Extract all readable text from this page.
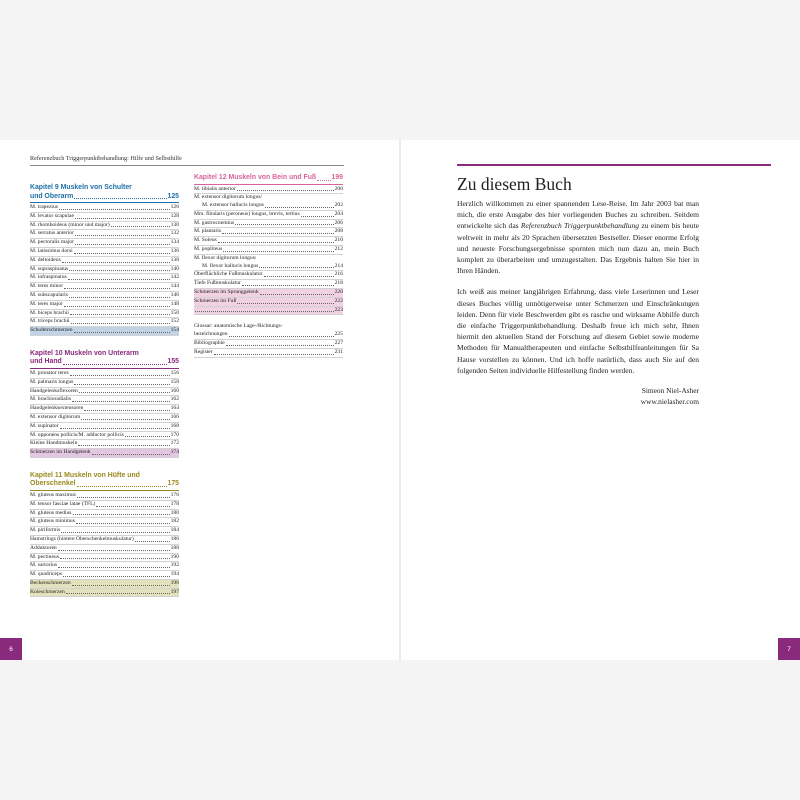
Referenzbuch Triggerpunktbehandlung: Hilfe und Selbsthilfe
Kapitel 9 Muskeln von Schulter
und Oberarm	125
M. trapezius	126
M. levator scapulae	128
M. rhomboideus (minor und major)	130
M. serratus anterior	132
M. pectoralis major	134
M. latissimus dorsi	136
M. deltoideus	138
M. supraspinatus	140
M. infraspinatus	142
M. teres minor	144
M. subscapularis	146
M. teres major	148
M. biceps brachii	150
M. triceps brachii	152
Schulterschmerzen	154
Kapitel 10 Muskeln von Unterarm
und Hand	155
M. pronator teres	156
M. palmaris longus	158
Handgelenksflexoren	160
M. brachioradialis	162
Handgelenksextensoren	164
M. extensor digitorum	166
M. supinator	168
M. opponens pollicis/M. adductor pollicis	170
Kleine Handmuskeln	172
Schmerzen im Handgelenk	174
Kapitel 11 Muskeln von Hüfte und
Oberschenkel	175
M. gluteus maximus	176
M. tensor fasciae latae (TFL)	178
M. gluteus medius	180
M. gluteus minimus	182
M. piriformis	184
Hamstrings (hintere Oberschenkelmuskulatur)	186
Adduktoren	188
M. pectineus	190
M. sartorius	192
M. quadriceps	194
Beckenschmerzen	196
Knieschmerzen	197
Kapitel 12 Muskeln von Bein und Fuß 199
M. tibialis anterior	200
M. extensor digitorum longus/
M. extensor hallucis longus	202
Mm. fibularis (peroneus) longus, brevis, tertius	204
M. gastrocnemius	206
M. plantaris	208
M. Soleus	210
M. popliteus	212
M. flexor digitorum longus/
M. flexor hallucis longus	214
Oberflächliche Fußmuskulatur	216
Tiefe Fußmuskulatur	218
Schmerzen im Sprunggelenk	220
Schmerzen im Fuß	222
223
Glossar: anatomische Lage-/Richtungs-
bezeichnungen	225
Bibliographie	227
Register	231
6
Zu diesem Buch

Herzlich willkommen zu einer spannenden Lese-Reise. Im Jahr 2003 bat man mich, die erste Ausgabe des hier vorliegenden Buches zu schreiben. Seitdem entwickelte sich das Referenzbuch Triggerpunktbehandlung zu einem bis heute weltweit in mehr als 20 Sprachen übersetzten Bestseller. Dieser enorme Erfolg und neueste Forschungsergebnisse spornten mich nun dazu an, mein Buch komplett zu überarbeiten und umzugestalten. Das Ergebnis halten Sie hier in Ihren Händen.

Ich weiß aus meiner langjährigen Erfahrung, dass viele Leserinnen und Leser dieses Buches völlig unnötigerweise unter Schmerzen und Einschränkungen leiden. Denn für viele Beschwerden gibt es rasche und wirksame Abhilfe durch die einfache Triggerpunktbehandlung. Deshalb freue ich mich sehr, Ihnen hiermit den aktuellen Stand der Forschung auf diesem Gebiet sowie moderne Methoden für Manualtherapeuten und einfache Selbsthilfeanleitungen für Sa Hause vorstellen zu können. Und ich hoffe natürlich, dass auch Sie auf den folgenden Seiten individuelle Hilfestellung finden werden.

Simeon Niel-Asher
www.nielasher.com
7
